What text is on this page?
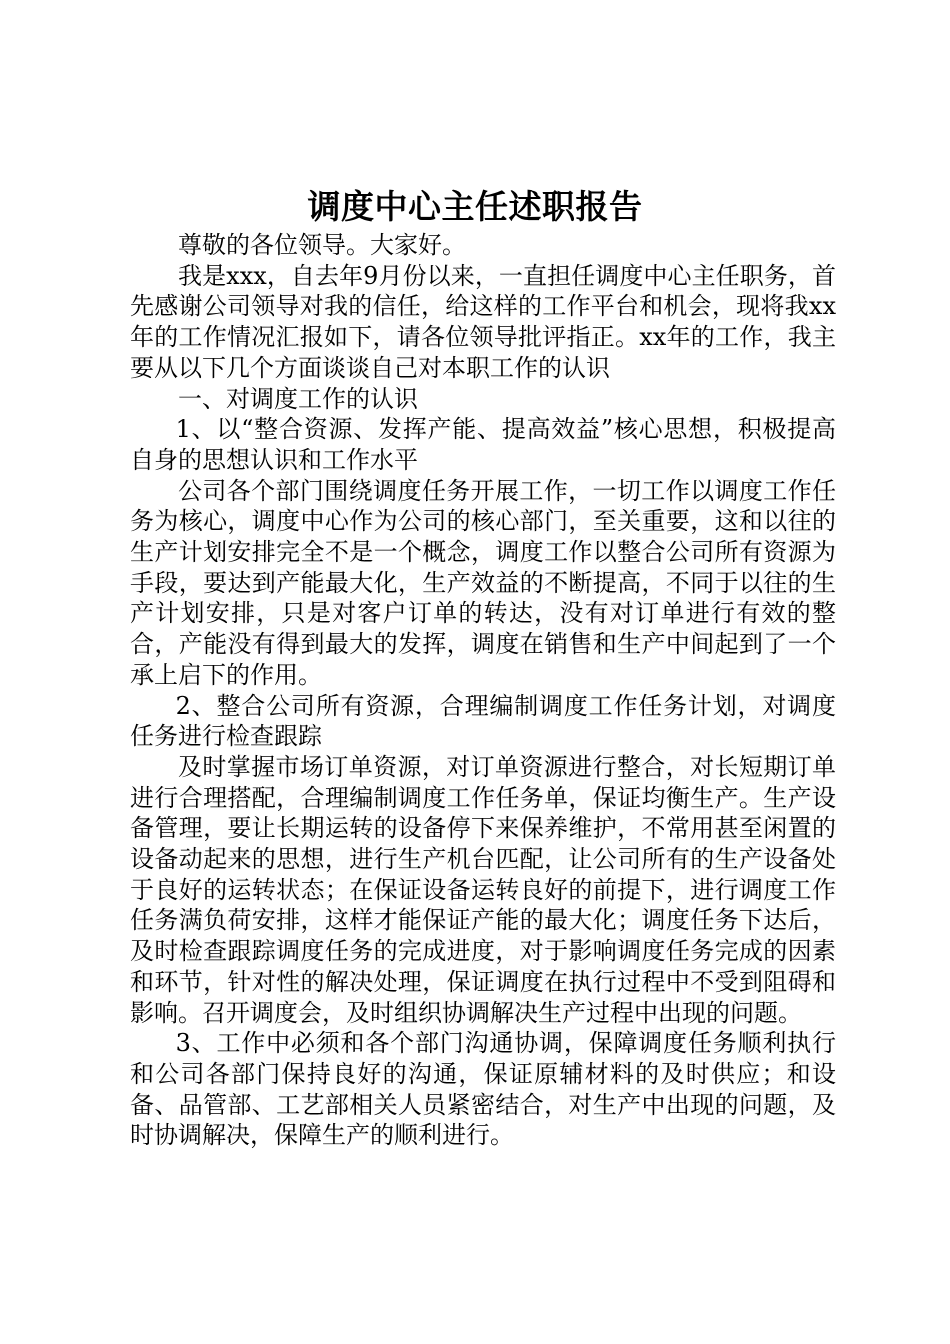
调度中心主任述职报告

尊敬的各位领导。大家好。

我是xxx，自去年9月份以来，一直担任调度中心主任职务，首先感谢公司领导对我的信任，给这样的工作平台和机会，现将我xx年的工作情况汇报如下，请各位领导批评指正。xx年的工作，我主要从以下几个方面谈谈自己对本职工作的认识

一、对调度工作的认识

1、以“整合资源、发挥产能、提高效益”核心思想，积极提高自身的思想认识和工作水平

公司各个部门围绕调度任务开展工作，一切工作以调度工作任务为核心，调度中心作为公司的核心部门，至关重要，这和以往的生产计划安排完全不是一个概念，调度工作以整合公司所有资源为手段，要达到产能最大化，生产效益的不断提高，不同于以往的生产计划安排，只是对客户订单的转达，没有对订单进行有效的整合，产能没有得到最大的发挥，调度在销售和生产中间起到了一个承上启下的作用。

2、整合公司所有资源，合理编制调度工作任务计划，对调度任务进行检查跟踪

及时掌握市场订单资源，对订单资源进行整合，对长短期订单进行合理搭配，合理编制调度工作任务单，保证均衡生产。生产设备管理，要让长期运转的设备停下来保养维护，不常用甚至闲置的设备动起来的思想，进行生产机台匹配，让公司所有的生产设备处于良好的运转状态；在保证设备运转良好的前提下，进行调度工作任务满负荷安排，这样才能保证产能的最大化；调度任务下达后，及时检查跟踪调度任务的完成进度，对于影响调度任务完成的因素和环节，针对性的解决处理，保证调度在执行过程中不受到阻碍和影响。召开调度会，及时组织协调解决生产过程中出现的问题。

3、工作中必须和各个部门沟通协调，保障调度任务顺利执行和公司各部门保持良好的沟通，保证原辅材料的及时供应；和设备、品管部、工艺部相关人员紧密结合，对生产中出现的问题，及时协调解决，保障生产的顺利进行。
